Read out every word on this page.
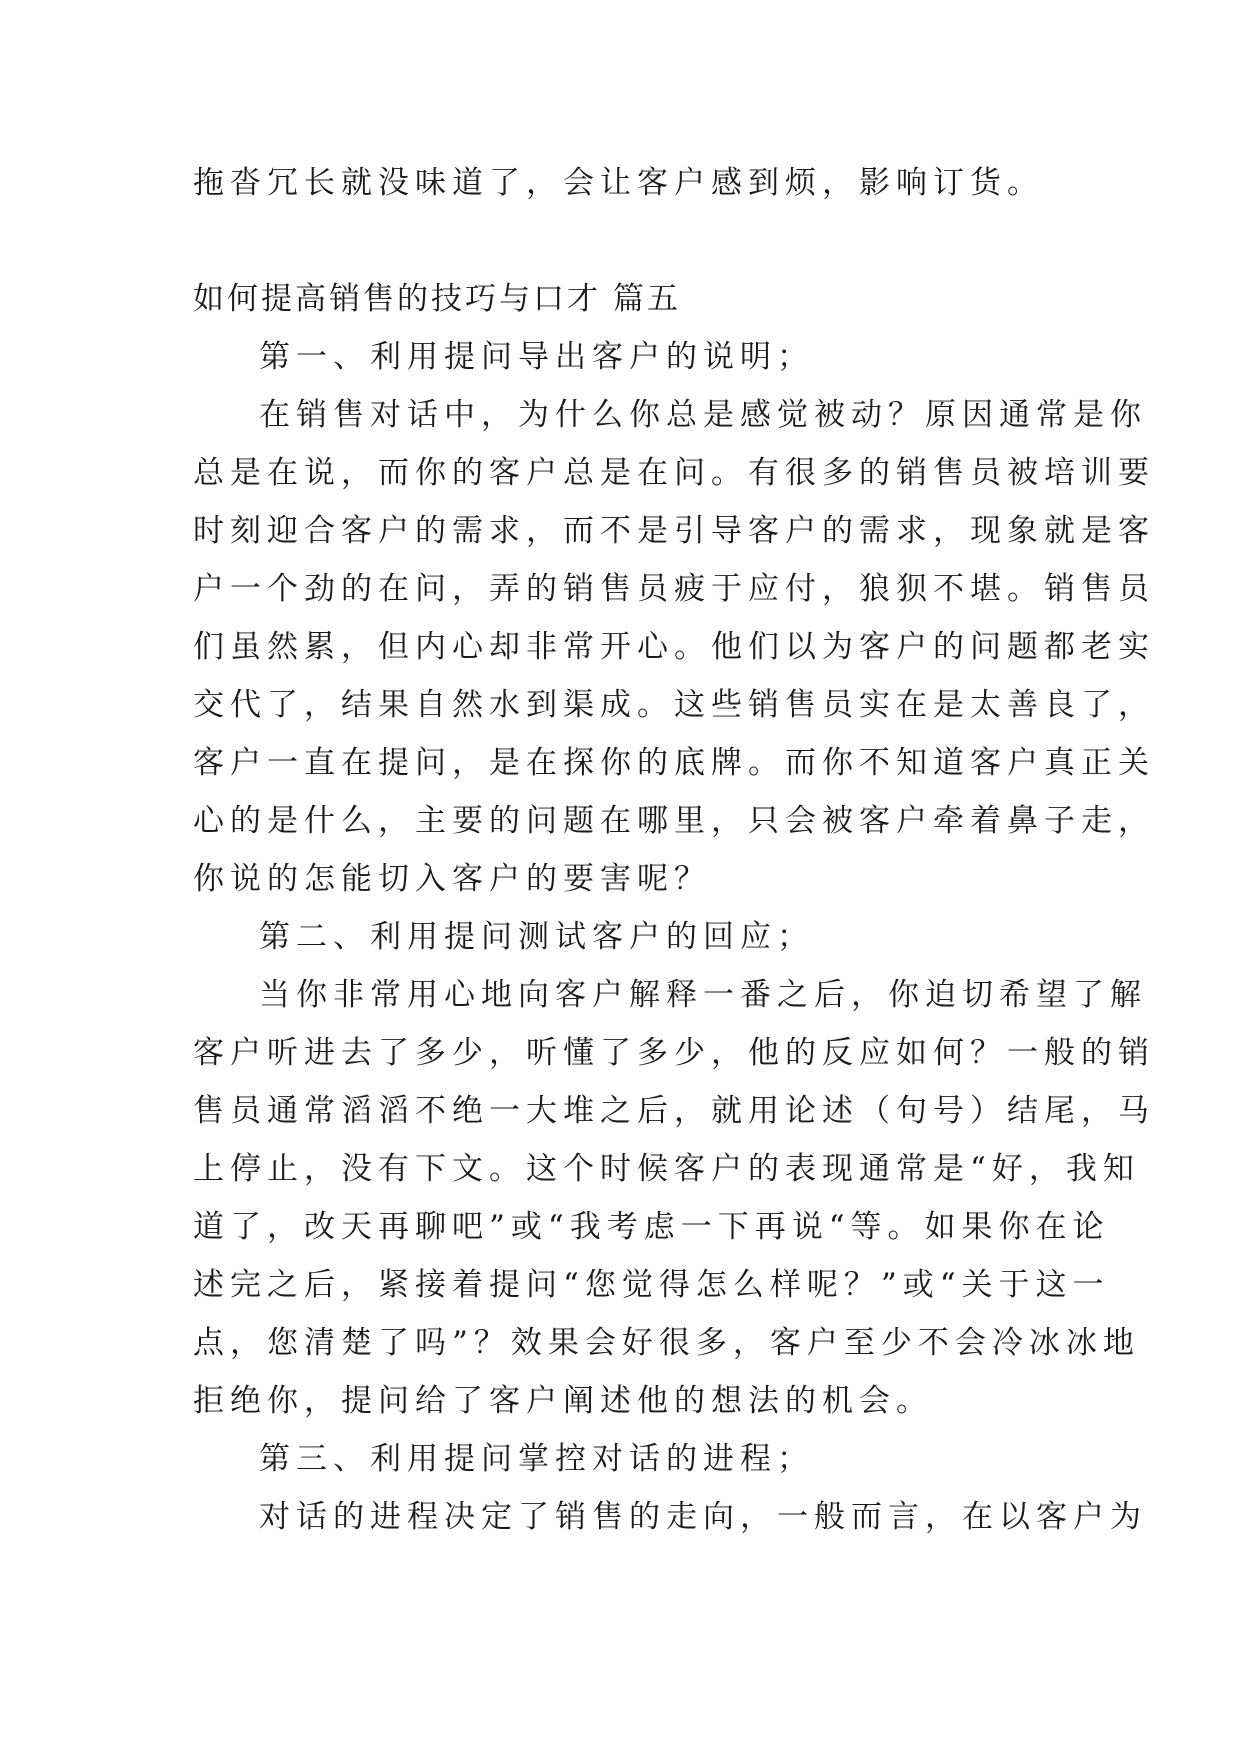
拖沓冗长就没味道了，会让客户感到烦，影响订货。
如何提高销售的技巧与口才 篇五
第一、利用提问导出客户的说明；
在销售对话中，为什么你总是感觉被动？原因通常是你
总是在说，而你的客户总是在问。有很多的销售员被培训要
时刻迎合客户的需求，而不是引导客户的需求，现象就是客
户一个劲的在问，弄的销售员疲于应付，狼狈不堪。销售员
们虽然累，但内心却非常开心。他们以为客户的问题都老实
交代了，结果自然水到渠成。这些销售员实在是太善良了，
客户一直在提问，是在探你的底牌。而你不知道客户真正关
心的是什么，主要的问题在哪里，只会被客户牵着鼻子走，
你说的怎能切入客户的要害呢？
第二、利用提问测试客户的回应；
当你非常用心地向客户解释一番之后，你迫切希望了解
客户听进去了多少，听懂了多少，他的反应如何？一般的销
售员通常滔滔不绝一大堆之后，就用论述（句号）结尾，马
上停止，没有下文。这个时候客户的表现通常是“好，我知
道了，改天再聊吧”或“我考虑一下再说“等。如果你在论
述完之后，紧接着提问“您觉得怎么样呢？”或“关于这一
点，您清楚了吗”？效果会好很多，客户至少不会冷冰冰地
拒绝你，提问给了客户阐述他的想法的机会。
第三、利用提问掌控对话的进程；
对话的进程决定了销售的走向，一般而言，在以客户为
